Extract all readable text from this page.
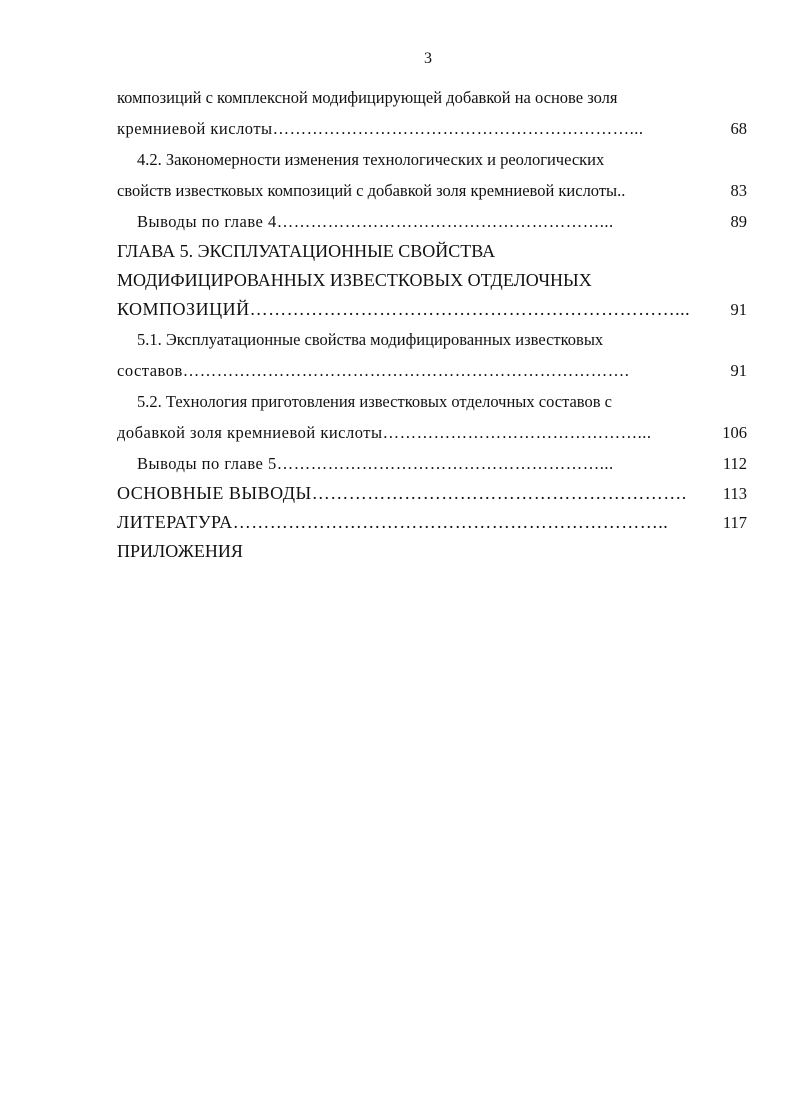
3
композиций с комплексной модифицирующей добавкой на основе золя
кремниевой кислоты………………………………………………………...	68
4.2. Закономерности изменения технологических и реологических
свойств известковых композиций с добавкой золя кремниевой кислоты..	83
Выводы по главе 4…………………………………………………...	89
ГЛАВА 5. ЭКСПЛУАТАЦИОННЫЕ СВОЙСТВА
МОДИФИЦИРОВАННЫХ ИЗВЕСТКОВЫХ ОТДЕЛОЧНЫХ
КОМПОЗИЦИЙ……………………………………………………………... 91
5.1. Эксплуатационные свойства модифицированных известковых
составов…………………………………………………………………….	91
5.2. Технология приготовления известковых отделочных составов с
добавкой золя кремниевой кислоты………………………………………...	106
Выводы по главе 5…………………………………………………...	112
ОСНОВНЫЕ ВЫВОДЫ……………………………………………………. 113
ЛИТЕРАТУРА……………………………………………………………..	117
ПРИЛОЖЕНИЯ
